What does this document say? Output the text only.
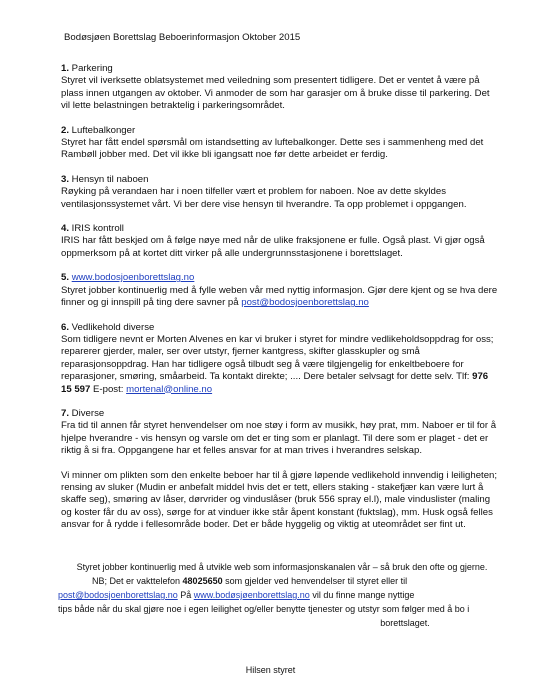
Bodøsjøen Borettslag Beboerinformasjon Oktober 2015
1. Parkering
Styret vil iverksette oblatsystemet med veiledning som presentert tidligere. Det er ventet å være på plass innen utgangen av oktober. Vi anmoder de som har garasjer om å bruke disse til parkering. Det vil lette belastningen betraktelig i parkeringsområdet.
2. Luftebalkonger
Styret har fått endel spørsmål om istandsetting av luftebalkonger. Dette ses i sammenheng med det Rambøll jobber med. Det vil ikke bli igangsatt noe før dette arbeidet er ferdig.
3. Hensyn til naboen
Røyking på verandaen har i noen tilfeller vært et problem for naboen. Noe av dette skyldes ventilasjonssystemet vårt. Vi ber dere vise hensyn til hverandre. Ta opp problemet i oppgangen.
4. IRIS kontroll
IRIS har fått beskjed om å følge nøye med når de ulike fraksjonene er fulle. Også plast. Vi gjør også oppmerksom på at kortet ditt virker på alle undergrunnsstasjonene i borettslaget.
5. www.bodosjoenborettslag.no
Styret jobber kontinuerlig med å fylle weben vår med nyttig informasjon. Gjør dere kjent og se hva dere finner og gi innspill på ting dere savner på post@bodosjoenborettslag.no
6. Vedlikehold diverse
Som tidligere nevnt er Morten Alvenes en kar vi bruker i styret for mindre vedlikeholdsoppdrag for oss; reparerer gjerder, maler, ser over utstyr, fjerner kantgress, skifter glasskupler og små reparasjonsoppdrag. Han har tidligere også tilbudt seg å være tilgjengelig for enkeltbeboere for reparasjoner, smøring, småarbeid. Ta kontakt direkte; .... Dere betaler selvsagt for dette selv. Tlf: 976 15 597 E-post: mortenal@online.no
7. Diverse
Fra tid til annen får styret henvendelser om noe støy i form av musikk, høy prat, mm. Naboer er til for å hjelpe hverandre - vis hensyn og varsle om det er ting som er planlagt. Til dere som er plaget - det er riktig å si fra. Oppgangene har et felles ansvar for at man trives i hverandres selskap.
Vi minner om plikten som den enkelte beboer har til å gjøre løpende vedlikehold innvendig i leiligheten; rensing av sluker (Mudin er anbefalt middel hvis det er tett, ellers staking - stakefjær kan være lurt å skaffe seg), smøring av låser, dørvrider og vinduslåser (bruk 556 spray el.l), male vinduslister (maling og koster får du av oss), sørge for at vinduer ikke står åpent konstant (fuktslag), mm. Husk også felles ansvar for å rydde i fellesområde boder. Det er både hyggelig og viktig at uteområdet ser fint ut.
Styret jobber kontinuerlig med å utvikle web som informasjonskanalen vår – så bruk den ofte og gjerne.
NB; Det er vakttelefon 48025650 som gjelder ved henvendelser til styret eller til
post@bodosjoenborettslag.no På www.bodøsjøenborettslag.no vil du finne mange nyttige
tips både når du skal gjøre noe i egen leilighet og/eller benytte tjenester og utstyr som følger med å bo i
borettslaget.
Hilsen styret
